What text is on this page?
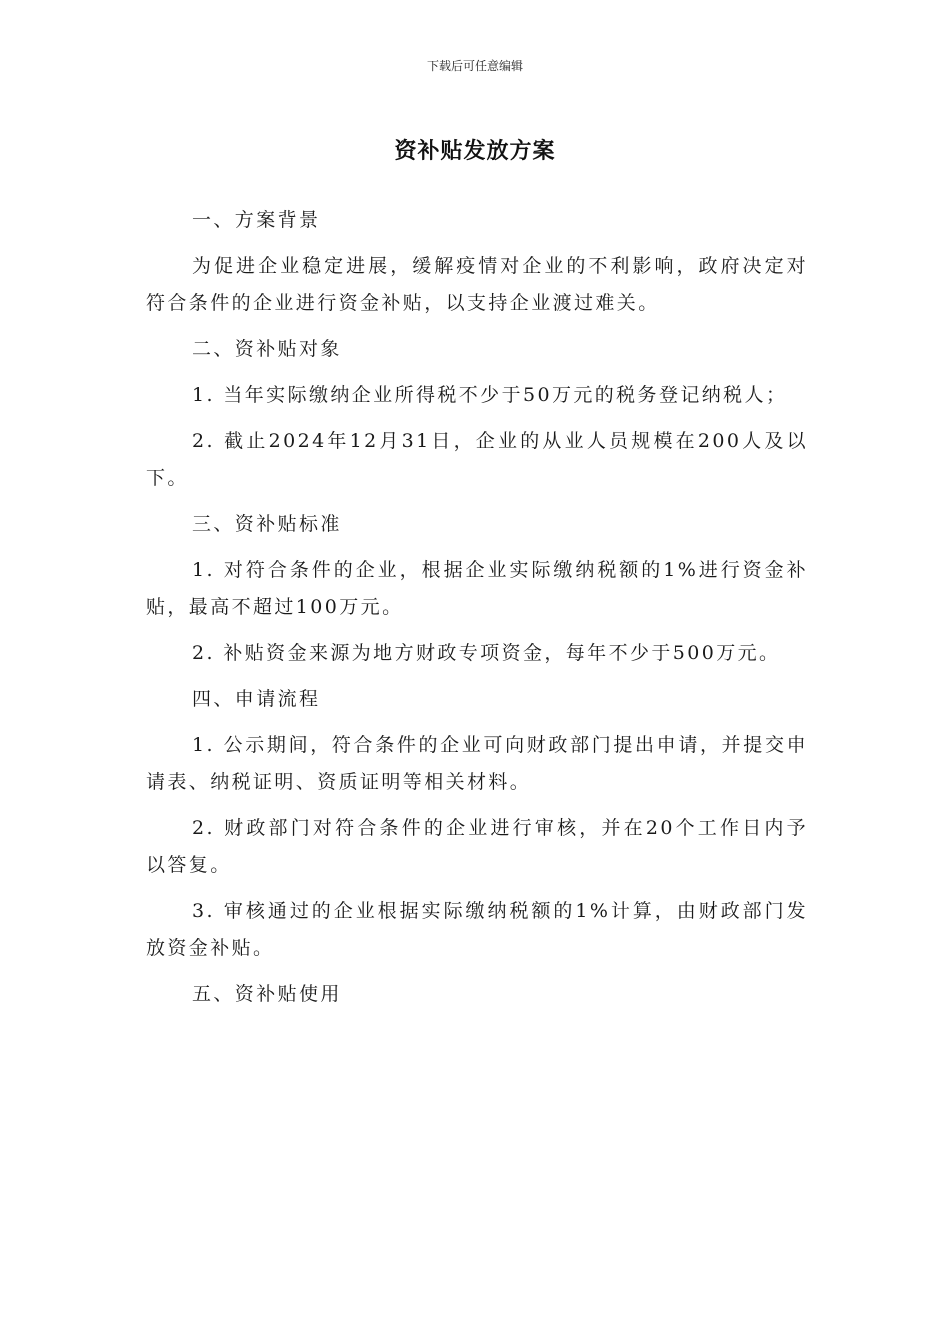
下载后可任意编辑
资补贴发放方案

一、方案背景

为促进企业稳定进展，缓解疫情对企业的不利影响，政府决定对符合条件的企业进行资金补贴，以支持企业渡过难关。

二、资补贴对象

1. 当年实际缴纳企业所得税不少于50万元的税务登记纳税人；

2. 截止2024年12月31日，企业的从业人员规模在200人及以下。

三、资补贴标准

1. 对符合条件的企业，根据企业实际缴纳税额的1%进行资金补贴，最高不超过100万元。

2. 补贴资金来源为地方财政专项资金，每年不少于500万元。

四、申请流程

1. 公示期间，符合条件的企业可向财政部门提出申请，并提交申请表、纳税证明、资质证明等相关材料。

2. 财政部门对符合条件的企业进行审核，并在20个工作日内予以答复。

3. 审核通过的企业根据实际缴纳税额的1%计算，由财政部门发放资金补贴。

五、资补贴使用
